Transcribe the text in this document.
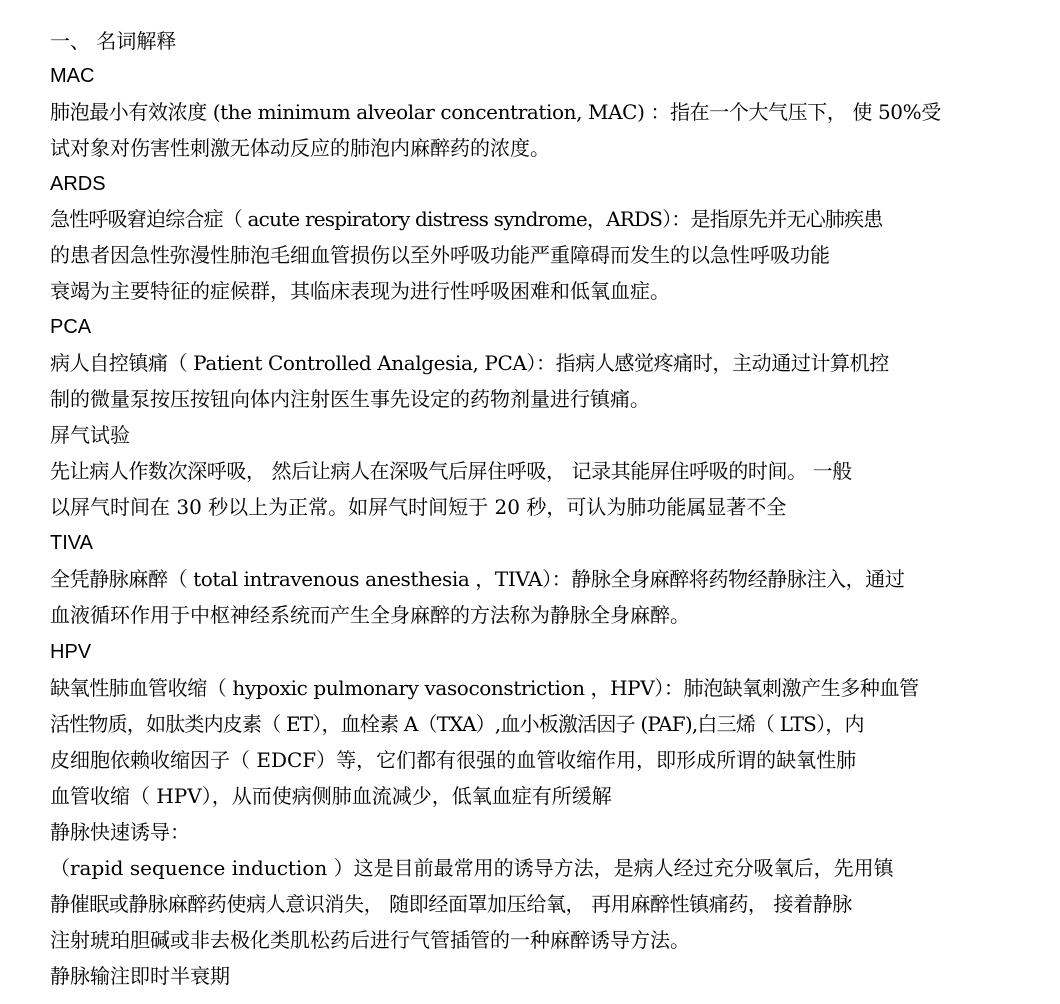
一、 名词解释

MAC

肺泡最小有效浓度 (the minimum alveolar concentration, MAC) ：指在一个大气压下， 使 50%受

试对象对伤害性刺激无体动反应的肺泡内麻醉药的浓度。

ARDS

急性呼吸窘迫综合症（ acute respiratory distress syndrome，ARDS）：是指原先并无心肺疾患

的患者因急性弥漫性肺泡毛细血管损伤以至外呼吸功能严重障碍而发生的以急性呼吸功能

衰竭为主要特征的症候群，其临床表现为进行性呼吸困难和低氧血症。

PCA

病人自控镇痛（ Patient Controlled Analgesia, PCA）：指病人感觉疼痛时，主动通过计算机控

制的微量泵按压按钮向体内注射医生事先设定的药物剂量进行镇痛。

屏气试验

先让病人作数次深呼吸， 然后让病人在深吸气后屏住呼吸， 记录其能屏住呼吸的时间。 一般

以屏气时间在 30 秒以上为正常。如屏气时间短于 20 秒，可认为肺功能属显著不全

TIVA

全凭静脉麻醉（ total intravenous anesthesia ，TIVA）：静脉全身麻醉将药物经静脉注入，通过

血液循环作用于中枢神经系统而产生全身麻醉的方法称为静脉全身麻醉。

HPV

缺氧性肺血管收缩（ hypoxic pulmonary vasoconstriction ，HPV）：肺泡缺氧刺激产生多种血管

活性物质，如肽类内皮素（ ET），血栓素 A（TXA）,血小板激活因子 (PAF),白三烯（ LTS），内

皮细胞依赖收缩因子（ EDCF）等，它们都有很强的血管收缩作用，即形成所谓的缺氧性肺

血管收缩（ HPV），从而使病侧肺血流减少，低氧血症有所缓解

静脉快速诱导：

（rapid sequence induction ）这是目前最常用的诱导方法，是病人经过充分吸氧后，先用镇

静催眠或静脉麻醉药使病人意识消失， 随即经面罩加压给氧， 再用麻醉性镇痛药， 接着静脉

注射琥珀胆碱或非去极化类肌松药后进行气管插管的一种麻醉诱导方法。

静脉输注即时半衰期
